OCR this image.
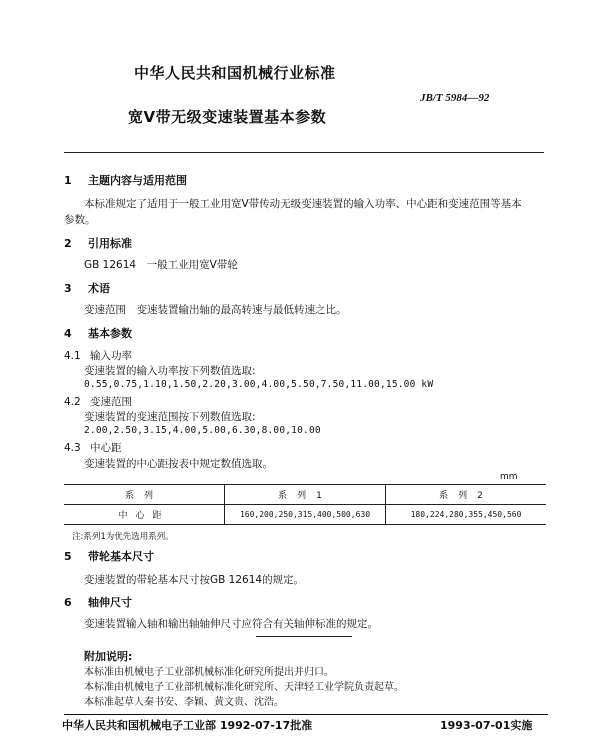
中华人民共和国机械行业标准
JB/T 5984—92
宽V带无级变速装置基本参数
1 主题内容与适用范围
本标准规定了适用于一般工业用宽V带传动无级变速装置的输入功率、中心距和变速范围等基本
参数。
2 引用标准
GB 12614　一般工业用宽V带轮
3 术语
变速范围　变速装置输出轴的最高转速与最低转速之比。
4 基本参数
4.1 输入功率
变速装置的输入功率按下列数值选取:
0.55,0.75,1.10,1.50,2.20,3.00,4.00,5.50,7.50,11.00,15.00 kW
4.2 变速范围
变速装置的变速范围按下列数值选取:
2.00,2.50,3.15,4.00,5.00,6.30,8.00,10.00
4.3 中心距
变速装置的中心距按表中规定数值选取。
mm
系列	系列1	系列2
中心距	160,200,250,315,400,500,630	180,224,280,355,450,560
注:系列1为优先选用系列。
5 带轮基本尺寸
变速装置的带轮基本尺寸按GB 12614的规定。
6 轴伸尺寸
变速装置输入轴和输出轴轴伸尺寸应符合有关轴伸标准的规定。
附加说明:
本标准由机械电子工业部机械标准化研究所提出并归口。
本标准由机械电子工业部机械标准化研究所、天津轻工业学院负责起草。
本标准起草人秦书安、李颖、黄文贵、沈浩。
中华人民共和国机械电子工业部 1992-07-17批准	1993-07-01实施
